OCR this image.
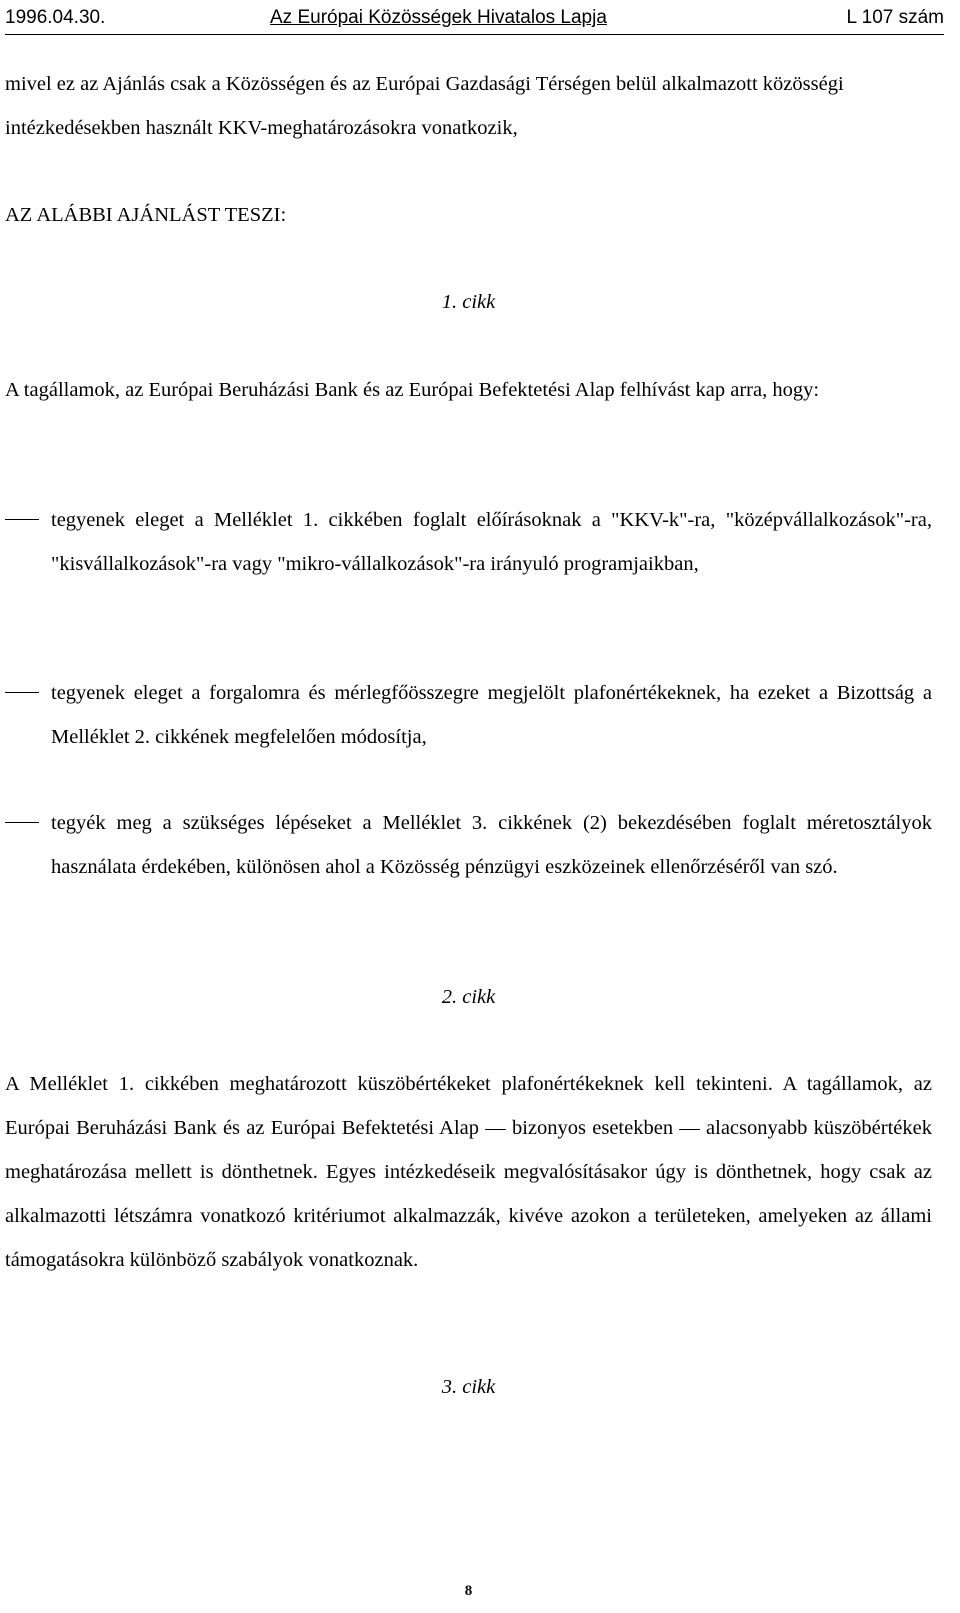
1996.04.30.	Az Európai Közösségek Hivatalos Lapja	L 107 szám

mivel ez az Ajánlás csak a Közösségen és az Európai Gazdasági Térségen belül alkalmazott közösségi intézkedésekben használt KKV-meghatározásokra vonatkozik,

AZ ALÁBBI AJÁNLÁST TESZI:

1. cikk

A tagállamok, az Európai Beruházási Bank és az Európai Befektetési Alap felhívást kap arra, hogy:

tegyenek eleget a Melléklet 1. cikkében foglalt előírásoknak a "KKV-k"-ra, "középvállalkozások"-ra, "kisvállalkozások"-ra vagy "mikro-vállalkozások"-ra irányuló programjaikban,

tegyenek eleget a forgalomra és mérlegfőösszegre megjelölt plafonértékeknek, ha ezeket a Bizottság a Melléklet 2. cikkének megfelelően módosítja,

tegyék meg a szükséges lépéseket a Melléklet 3. cikkének (2) bekezdésében foglalt méretosztályok használata érdekében, különösen ahol a Közösség pénzügyi eszközeinek ellenőrzéséről van szó.

2. cikk

A Melléklet 1. cikkében meghatározott küszöbértékeket plafonértékeknek kell tekinteni. A tagállamok, az Európai Beruházási Bank és az Európai Befektetési Alap — bizonyos esetekben — alacsonyabb küszöbértékek meghatározása mellett is dönthetnek. Egyes intézkedéseik megvalósításakor úgy is dönthetnek, hogy csak az alkalmazotti létszámra vonatkozó kritériumot alkalmazzák, kivéve azokon a területeken, amelyeken az állami támogatásokra különböző szabályok vonatkoznak.

3. cikk

8
